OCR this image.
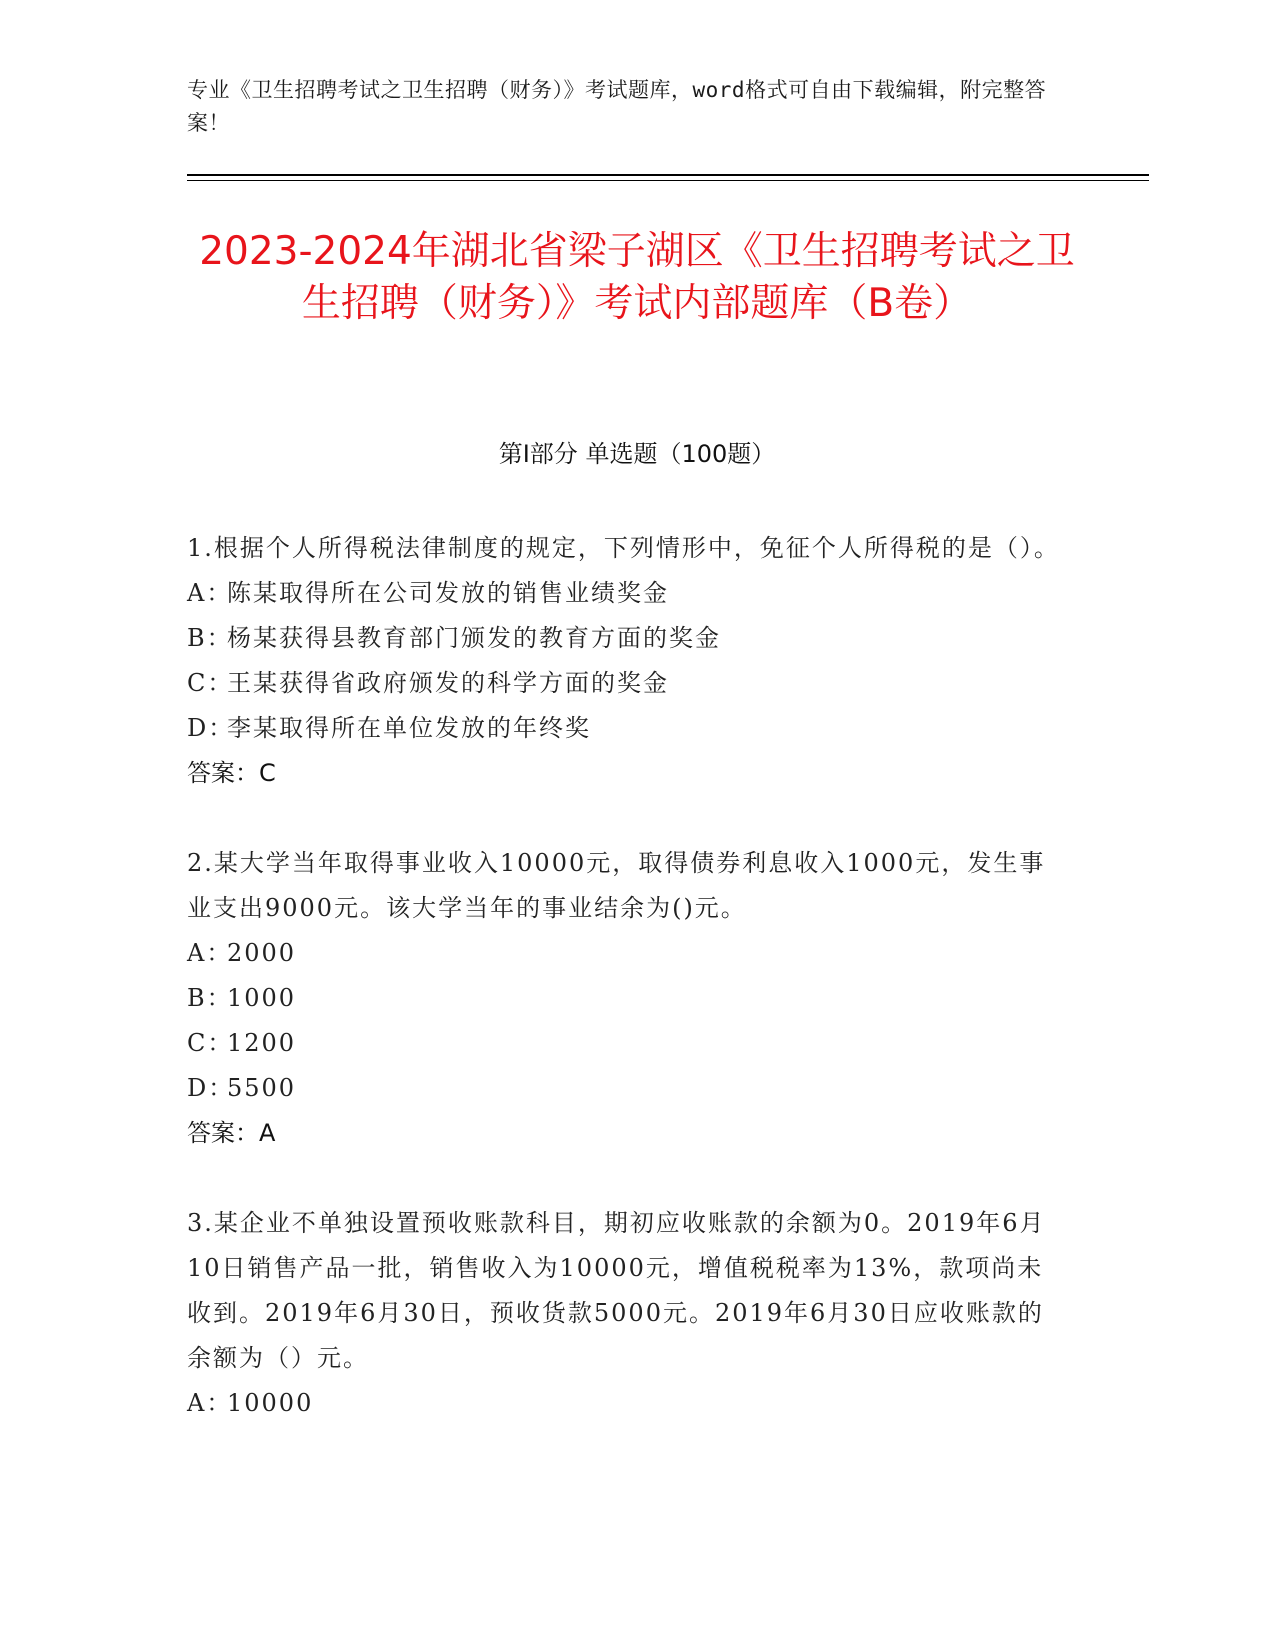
专业《卫生招聘考试之卫生招聘（财务）》考试题库，word格式可自由下载编辑，附完整答案！
2023-2024年湖北省梁子湖区《卫生招聘考试之卫生招聘（财务）》考试内部题库（B卷）
第Ⅰ部分 单选题（100题）
1.根据个人所得税法律制度的规定，下列情形中，免征个人所得税的是（）。
A：陈某取得所在公司发放的销售业绩奖金
B：杨某获得县教育部门颁发的教育方面的奖金
C：王某获得省政府颁发的科学方面的奖金
D：李某取得所在单位发放的年终奖
答案：C
2.某大学当年取得事业收入10000元，取得债券利息收入1000元，发生事业支出9000元。该大学当年的事业结余为()元。
A：2000
B：1000
C：1200
D：5500
答案：A
3.某企业不单独设置预收账款科目，期初应收账款的余额为0。2019年6月10日销售产品一批，销售收入为10000元，增值税税率为13%，款项尚未收到。2019年6月30日，预收货款5000元。2019年6月30日应收账款的余额为（）元。
A：10000
